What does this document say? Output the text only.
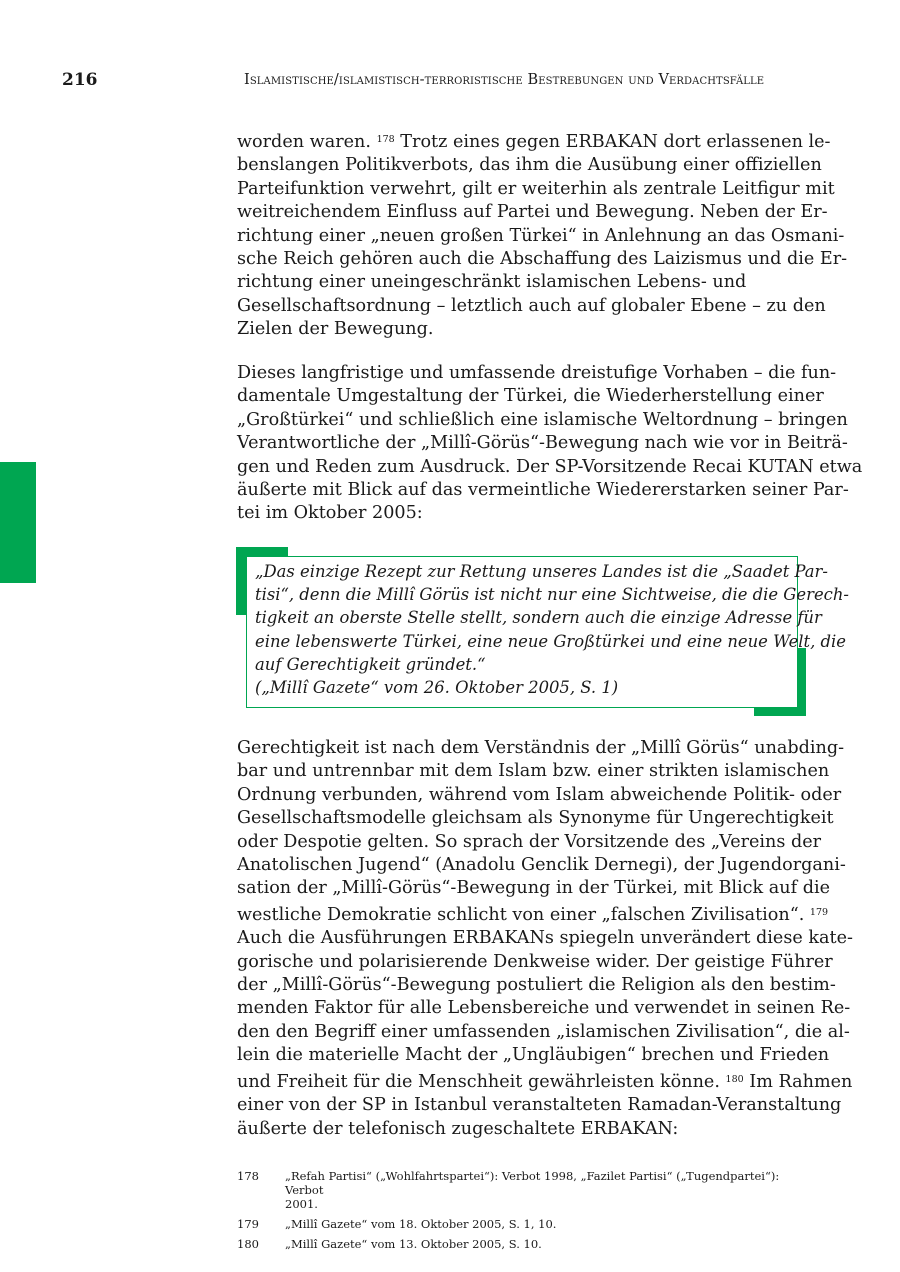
216	Islamistische/islamistisch-terroristische Bestrebungen und Verdachtsfälle
worden waren. $^{178}$ Trotz eines gegen ERBAKAN dort erlassenen le-
benslangen Politikverbots, das ihm die Ausübung einer offiziellen
Parteifunktion verwehrt, gilt er weiterhin als zentrale Leitfigur mit
weitreichendem Einfluss auf Partei und Bewegung. Neben der Er-
richtung einer „neuen großen Türkei“ in Anlehnung an das Osmani-
sche Reich gehören auch die Abschaffung des Laizismus und die Er-
richtung einer uneingeschränkt islamischen Lebens- und
Gesellschaftsordnung – letztlich auch auf globaler Ebene – zu den
Zielen der Bewegung.
Dieses langfristige und umfassende dreistufige Vorhaben – die fun-
damentale Umgestaltung der Türkei, die Wiederherstellung einer
„Großtürkei“ und schließlich eine islamische Weltordnung – bringen
Verantwortliche der „Millî-Görüs“-Bewegung nach wie vor in Beiträ-
gen und Reden zum Ausdruck. Der SP-Vorsitzende Recai KUTAN etwa
äußerte mit Blick auf das vermeintliche Wiedererstarken seiner Par-
tei im Oktober 2005:
„Das einzige Rezept zur Rettung unseres Landes ist die „Saadet Par-
tisi“, denn die Millî Görüs ist nicht nur eine Sichtweise, die die Gerech-
tigkeit an oberste Stelle stellt, sondern auch die einzige Adresse für
eine lebenswerte Türkei, eine neue Großtürkei und eine neue Welt, die
auf Gerechtigkeit gründet.“
(„Millî Gazete“ vom 26. Oktober 2005, S. 1)
Gerechtigkeit ist nach dem Verständnis der „Millî Görüs“ unabding-
bar und untrennbar mit dem Islam bzw. einer strikten islamischen
Ordnung verbunden, während vom Islam abweichende Politik- oder
Gesellschaftsmodelle gleichsam als Synonyme für Ungerechtigkeit
oder Despotie gelten. So sprach der Vorsitzende des „Vereins der
Anatolischen Jugend“ (Anadolu Genclik Dernegi), der Jugendorgani-
sation der „Millî-Görüs“-Bewegung in der Türkei, mit Blick auf die
westliche Demokratie schlicht von einer „falschen Zivilisation“. $^{179}$
Auch die Ausführungen ERBAKANs spiegeln unverändert diese kate-
gorische und polarisierende Denkweise wider. Der geistige Führer
der „Millî-Görüs“-Bewegung postuliert die Religion als den bestim-
menden Faktor für alle Lebensbereiche und verwendet in seinen Re-
den den Begriff einer umfassenden „islamischen Zivilisation“, die al-
lein die materielle Macht der „Ungläubigen“ brechen und Frieden
und Freiheit für die Menschheit gewährleisten könne. $^{180}$ Im Rahmen
einer von der SP in Istanbul veranstalteten Ramadan-Veranstaltung
äußerte der telefonisch zugeschaltete ERBAKAN:
178 „Refah Partisi“ („Wohlfahrtspartei“): Verbot 1998, „Fazilet Partisi“ („Tugendpartei“): Verbot
2001.
179 „Millî Gazete“ vom 18. Oktober 2005, S. 1, 10.
180 „Millî Gazete“ vom 13. Oktober 2005, S. 10.
